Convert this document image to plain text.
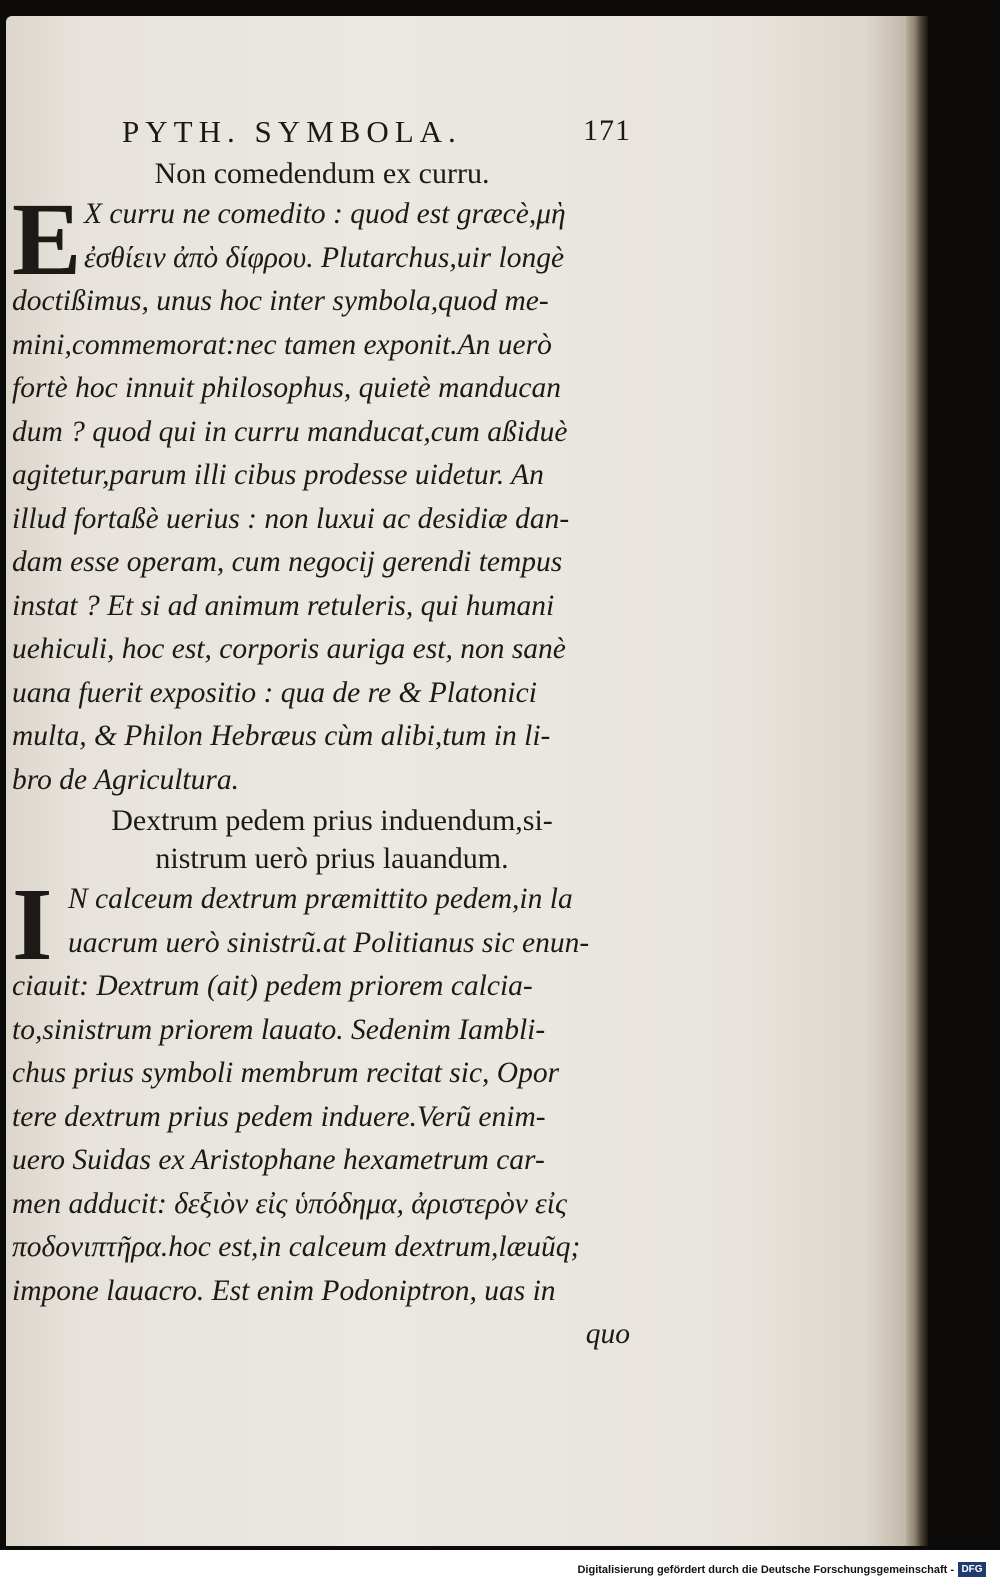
PYTH. SYMBOLA.	171

Non comedendum ex curru.

E X curru ne comedito : quod est græcè,μὴ
ἐσθίειν ἀπὸ δίφρου. Plutarchus,uir longè
doctißimus, unus hoc inter symbola,quod me-
mini,commemorat:nec tamen exponit.An uerò
fortè hoc innuit philosophus, quietè manducan
dum ? quod qui in curru manducat,cum aßiduè
agitetur,parum illi cibus prodesse uidetur. An
illud fortaßè uerius : non luxui ac desidiæ dan-
dam esse operam, cum negocij gerendi tempus
instat ? Et si ad animum retuleris, qui humani
uehiculi, hoc est, corporis auriga est, non sanè
uana fuerit expositio : qua de re & Platonici
multa, & Philon Hebræus cùm alibi,tum in li-
bro de Agricultura.

Dextrum pedem prius induendum,si-

nistrum uerò prius lauandum.

I N calceum dextrum præmittito pedem,in la
uacrum uerò sinistrũ.at Politianus sic enun-
ciauit: Dextrum (ait) pedem priorem calcia-
to,sinistrum priorem lauato. Sedenim Iambli-
chus prius symboli membrum recitat sic, Opor
tere dextrum prius pedem induere.Verũ enim-
uero Suidas ex Aristophane hexametrum car-
men adducit: δεξιὸν εἰς ὑπόδημα, ἀριστερὸν εἰς
ποδονιπτῆρα.hoc est,in calceum dextrum,læuũq;
impone lauacro. Est enim Podoniptron, uas in
quo
Digitalisierung gefördert durch die Deutsche Forschungsgemeinschaft - DFG
